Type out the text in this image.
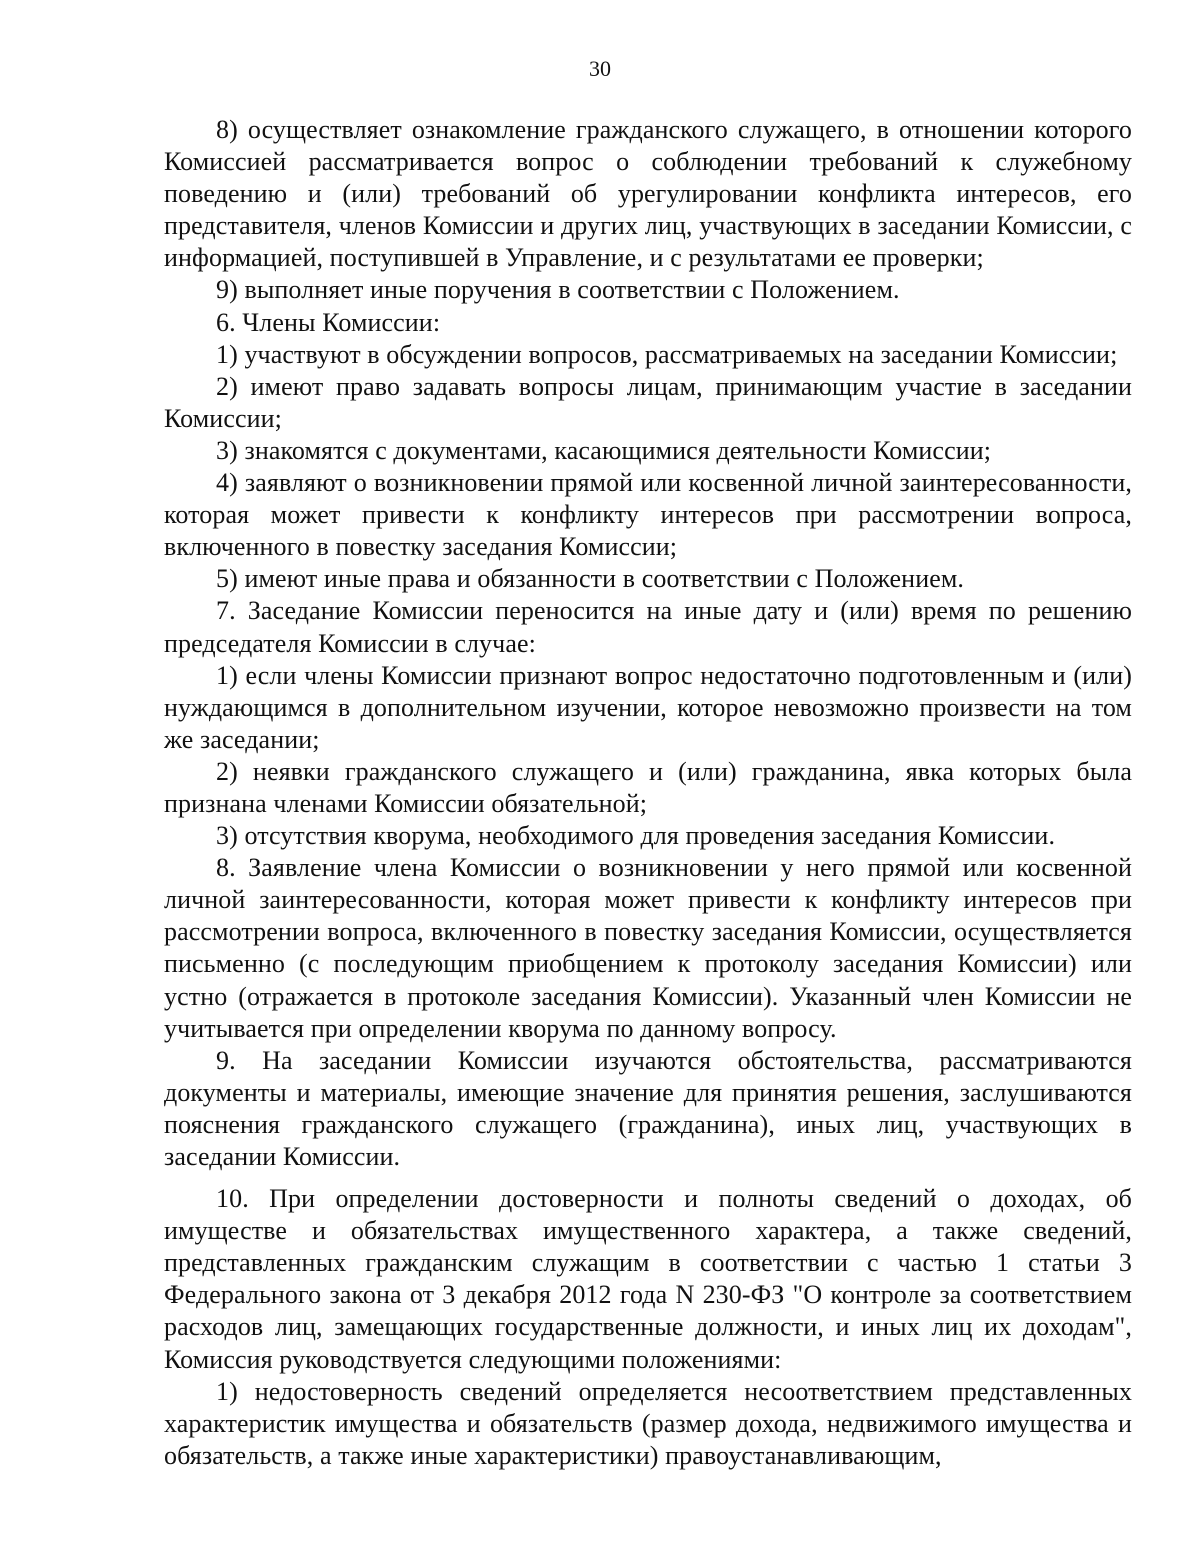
30

8) осуществляет ознакомление гражданского служащего, в отношении которого Комиссией рассматривается вопрос о соблюдении требований к служебному поведению и (или) требований об урегулировании конфликта интересов, его представителя, членов Комиссии и других лиц, участвующих в заседании Комиссии, с информацией, поступившей в Управление, и с результатами ее проверки;

9) выполняет иные поручения в соответствии с Положением.

6. Члены Комиссии:

1) участвуют в обсуждении вопросов, рассматриваемых на заседании Комиссии;

2) имеют право задавать вопросы лицам, принимающим участие в заседании Комиссии;

3) знакомятся с документами, касающимися деятельности Комиссии;

4) заявляют о возникновении прямой или косвенной личной заинтересованности, которая может привести к конфликту интересов при рассмотрении вопроса, включенного в повестку заседания Комиссии;

5) имеют иные права и обязанности в соответствии с Положением.

7. Заседание Комиссии переносится на иные дату и (или) время по решению председателя Комиссии в случае:

1) если члены Комиссии признают вопрос недостаточно подготовленным и (или) нуждающимся в дополнительном изучении, которое невозможно произвести на том же заседании;

2) неявки гражданского служащего и (или) гражданина, явка которых была признана членами Комиссии обязательной;

3) отсутствия кворума, необходимого для проведения заседания Комиссии.

8. Заявление члена Комиссии о возникновении у него прямой или косвенной личной заинтересованности, которая может привести к конфликту интересов при рассмотрении вопроса, включенного в повестку заседания Комиссии, осуществляется письменно (с последующим приобщением к протоколу заседания Комиссии) или устно (отражается в протоколе заседания Комиссии). Указанный член Комиссии не учитывается при определении кворума по данному вопросу.

9. На заседании Комиссии изучаются обстоятельства, рассматриваются документы и материалы, имеющие значение для принятия решения, заслушиваются пояснения гражданского служащего (гражданина), иных лиц, участвующих в заседании Комиссии.

10. При определении достоверности и полноты сведений о доходах, об имуществе и обязательствах имущественного характера, а также сведений, представленных гражданским служащим в соответствии с частью 1 статьи 3 Федерального закона от 3 декабря 2012 года N 230-ФЗ "О контроле за соответствием расходов лиц, замещающих государственные должности, и иных лиц их доходам", Комиссия руководствуется следующими положениями:

1) недостоверность сведений определяется несоответствием представленных характеристик имущества и обязательств (размер дохода, недвижимого имущества и обязательств, а также иные характеристики) правоустанавливающим,
